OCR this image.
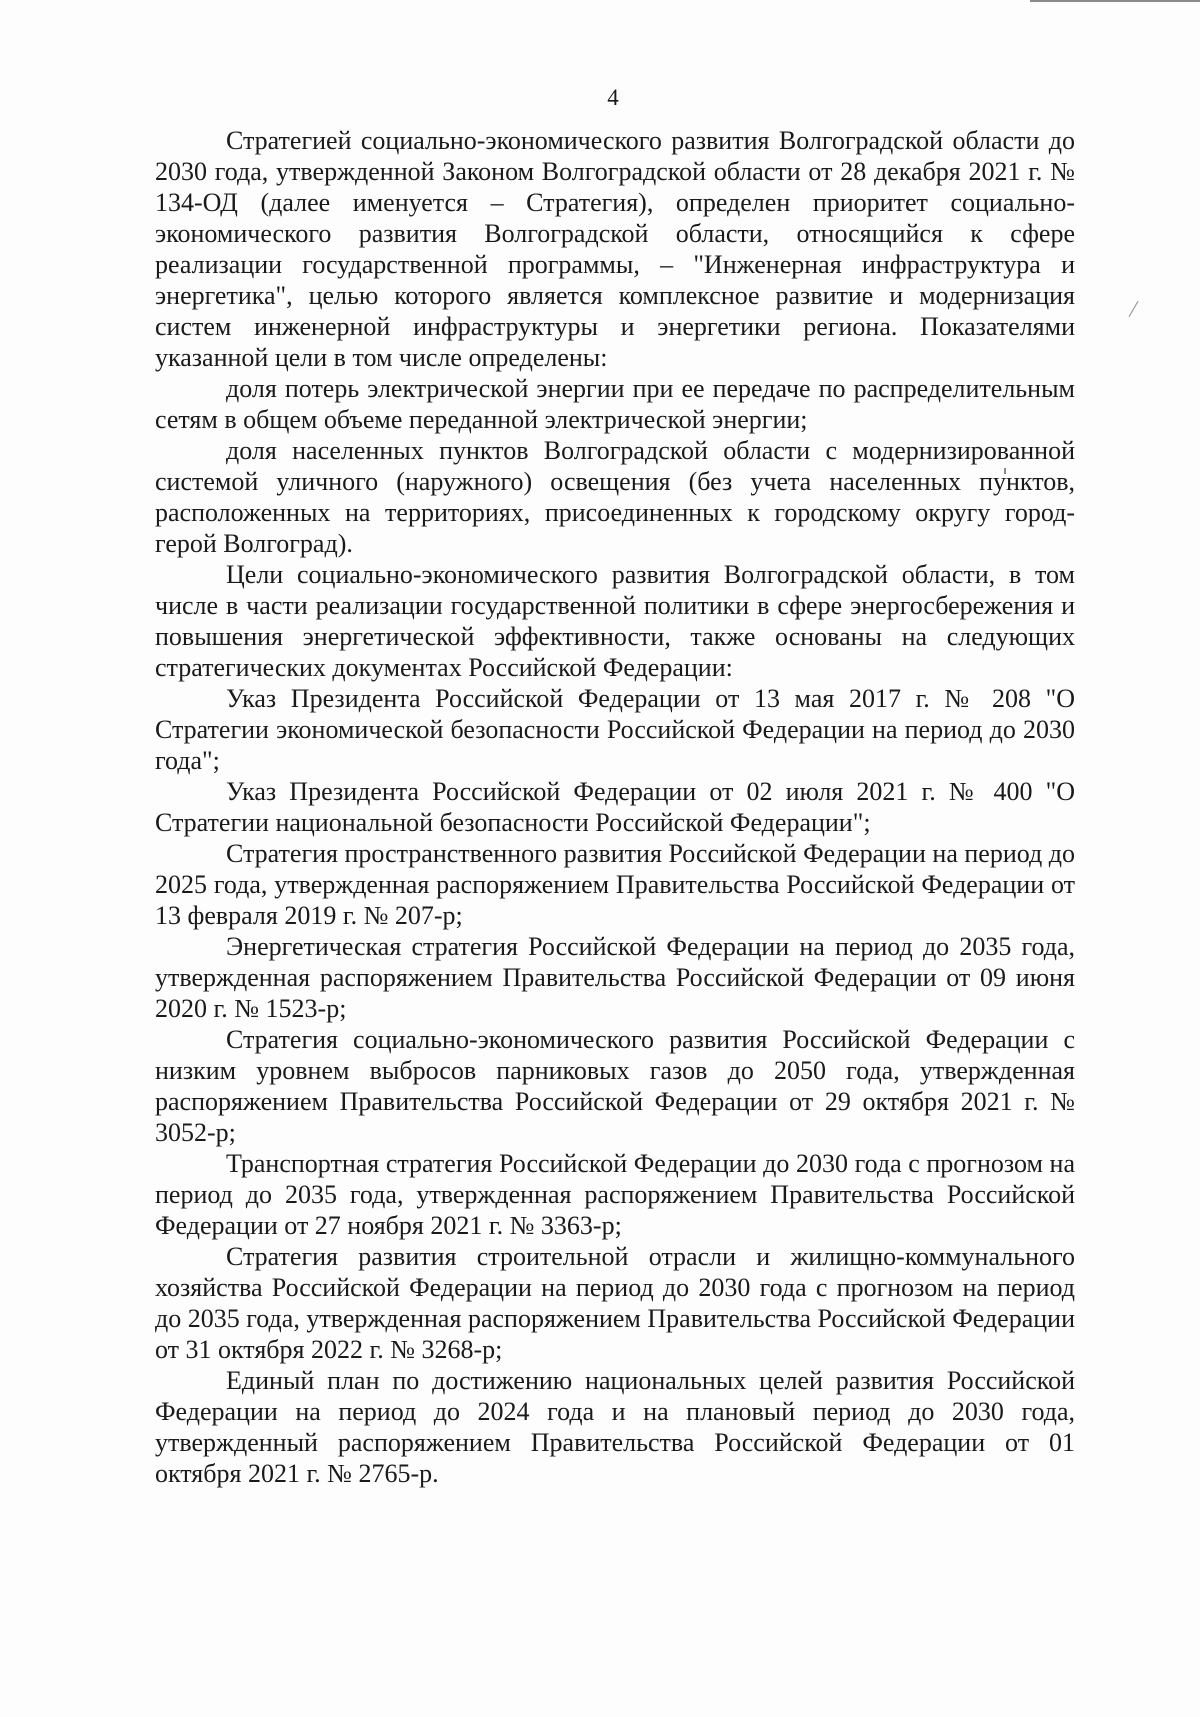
4

Стратегией социально-экономического развития Волгоградской области до 2030 года, утвержденной Законом Волгоградской области от 28 декабря 2021 г. № 134-ОД (далее именуется – Стратегия), определен приоритет социально-экономического развития Волгоградской области, относящийся к сфере реализации государственной программы, – "Инженерная инфраструктура и энергетика", целью которого является комплексное развитие и модернизация систем инженерной инфраструктуры и энергетики региона. Показателями указанной цели в том числе определены:

доля потерь электрической энергии при ее передаче по распределительным сетям в общем объеме переданной электрической энергии;

доля населенных пунктов Волгоградской области с модернизированной системой уличного (наружного) освещения (без учета населенных пунктов, расположенных на территориях, присоединенных к городскому округу город-герой Волгоград).

Цели социально-экономического развития Волгоградской области, в том числе в части реализации государственной политики в сфере энергосбережения и повышения энергетической эффективности, также основаны на следующих стратегических документах Российской Федерации:

Указ Президента Российской Федерации от 13 мая 2017 г. № 208 "О Стратегии экономической безопасности Российской Федерации на период до 2030 года";

Указ Президента Российской Федерации от 02 июля 2021 г. № 400 "О Стратегии национальной безопасности Российской Федерации";

Стратегия пространственного развития Российской Федерации на период до 2025 года, утвержденная распоряжением Правительства Российской Федерации от 13 февраля 2019 г. № 207-р;

Энергетическая стратегия Российской Федерации на период до 2035 года, утвержденная распоряжением Правительства Российской Федерации от 09 июня 2020 г. № 1523-р;

Стратегия социально-экономического развития Российской Федерации с низким уровнем выбросов парниковых газов до 2050 года, утвержденная распоряжением Правительства Российской Федерации от 29 октября 2021 г. № 3052-р;

Транспортная стратегия Российской Федерации до 2030 года с прогнозом на период до 2035 года, утвержденная распоряжением Правительства Российской Федерации от 27 ноября 2021 г. № 3363-р;

Стратегия развития строительной отрасли и жилищно-коммунального хозяйства Российской Федерации на период до 2030 года с прогнозом на период до 2035 года, утвержденная распоряжением Правительства Российской Федерации от 31 октября 2022 г. № 3268-р;

Единый план по достижению национальных целей развития Российской Федерации на период до 2024 года и на плановый период до 2030 года, утвержденный распоряжением Правительства Российской Федерации от 01 октября 2021 г. № 2765-р.
